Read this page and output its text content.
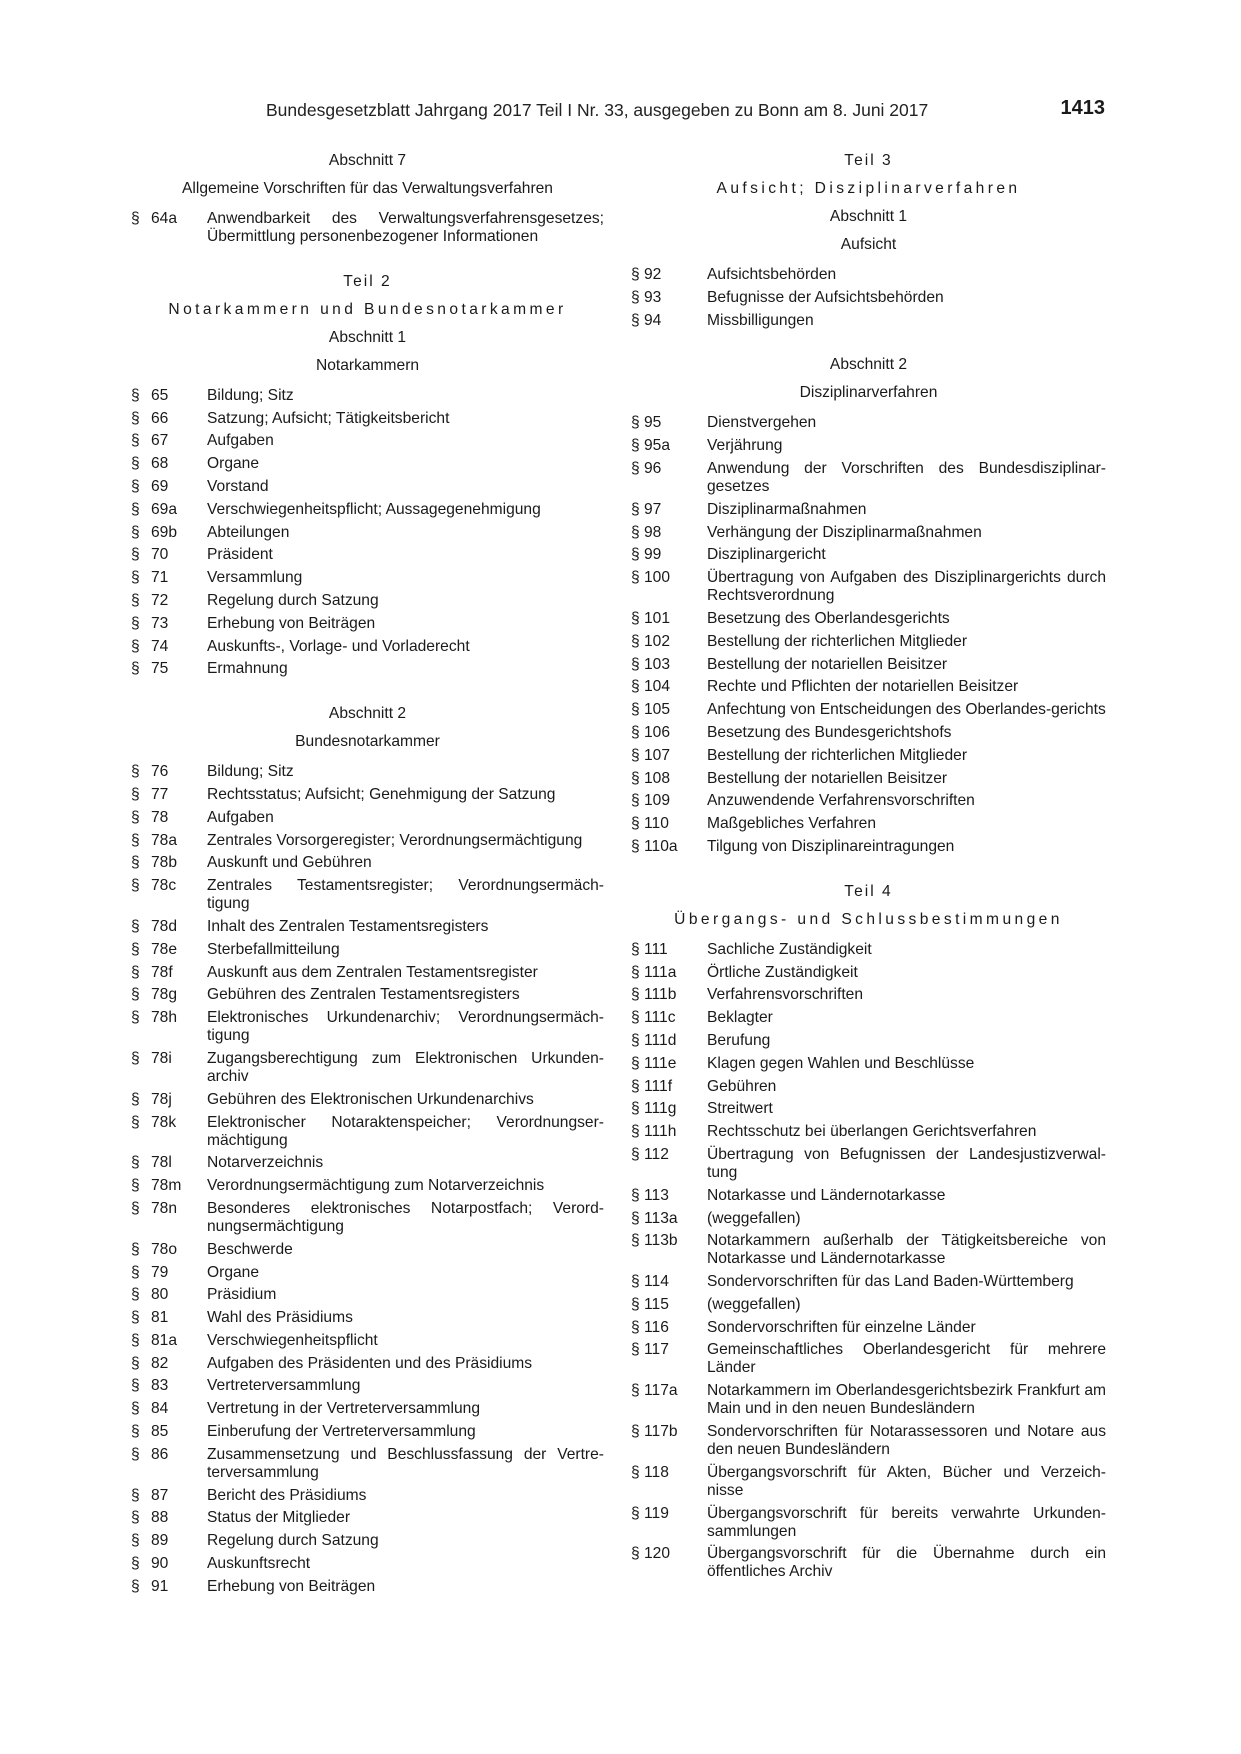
Bundesgesetzblatt Jahrgang 2017 Teil I Nr. 33, ausgegeben zu Bonn am 8. Juni 2017	1413
Abschnitt 7
Allgemeine Vorschriften für das Verwaltungsverfahren
§ 64a	Anwendbarkeit des Verwaltungsverfahrensgesetzes; Übermittlung personenbezogener Informationen
Teil 2
Notarkammern und Bundesnotarkammer
Abschnitt 1
Notarkammern
§ 65	Bildung; Sitz
§ 66	Satzung; Aufsicht; Tätigkeitsbericht
§ 67	Aufgaben
§ 68	Organe
§ 69	Vorstand
§ 69a	Verschwiegenheitspflicht; Aussagegenehmigung
§ 69b	Abteilungen
§ 70	Präsident
§ 71	Versammlung
§ 72	Regelung durch Satzung
§ 73	Erhebung von Beiträgen
§ 74	Auskunfts-, Vorlage- und Vorladerecht
§ 75	Ermahnung
Abschnitt 2
Bundesnotarkammer
§ 76	Bildung; Sitz
§ 77	Rechtsstatus; Aufsicht; Genehmigung der Satzung
§ 78	Aufgaben
§ 78a	Zentrales Vorsorgeregister; Verordnungsermächtigung
§ 78b	Auskunft und Gebühren
§ 78c	Zentrales Testamentsregister; Verordnungsermäch-tigung
§ 78d	Inhalt des Zentralen Testamentsregisters
§ 78e	Sterbefallmitteilung
§ 78f	Auskunft aus dem Zentralen Testamentsregister
§ 78g	Gebühren des Zentralen Testamentsregisters
§ 78h	Elektronisches Urkundenarchiv; Verordnungsermäch-tigung
§ 78i	Zugangsberechtigung zum Elektronischen Urkunden-archiv
§ 78j	Gebühren des Elektronischen Urkundenarchivs
§ 78k	Elektronischer Notaraktenspeicher; Verordnungser-mächtigung
§ 78l	Notarverzeichnis
§ 78m	Verordnungsermächtigung zum Notarverzeichnis
§ 78n	Besonderes elektronisches Notarpostfach; Verord-nungsermächtigung
§ 78o	Beschwerde
§ 79	Organe
§ 80	Präsidium
§ 81	Wahl des Präsidiums
§ 81a	Verschwiegenheitspflicht
§ 82	Aufgaben des Präsidenten und des Präsidiums
§ 83	Vertreterversammlung
§ 84	Vertretung in der Vertreterversammlung
§ 85	Einberufung der Vertreterversammlung
§ 86	Zusammensetzung und Beschlussfassung der Vertre-terversammlung
§ 87	Bericht des Präsidiums
§ 88	Status der Mitglieder
§ 89	Regelung durch Satzung
§ 90	Auskunftsrecht
§ 91	Erhebung von Beiträgen
Teil 3
Aufsicht; Disziplinarverfahren
Abschnitt 1
Aufsicht
§ 92	Aufsichtsbehörden
§ 93	Befugnisse der Aufsichtsbehörden
§ 94	Missbilligungen
Abschnitt 2
Disziplinarverfahren
§ 95	Dienstvergehen
§ 95a	Verjährung
§ 96	Anwendung der Vorschriften des Bundesdisziplinar-gesetzes
§ 97	Disziplinarmaßnahmen
§ 98	Verhängung der Disziplinarmaßnahmen
§ 99	Disziplinargericht
§ 100	Übertragung von Aufgaben des Disziplinargerichts durch Rechtsverordnung
§ 101	Besetzung des Oberlandesgerichts
§ 102	Bestellung der richterlichen Mitglieder
§ 103	Bestellung der notariellen Beisitzer
§ 104	Rechte und Pflichten der notariellen Beisitzer
§ 105	Anfechtung von Entscheidungen des Oberlandes-gerichts
§ 106	Besetzung des Bundesgerichtshofs
§ 107	Bestellung der richterlichen Mitglieder
§ 108	Bestellung der notariellen Beisitzer
§ 109	Anzuwendende Verfahrensvorschriften
§ 110	Maßgebliches Verfahren
§ 110a	Tilgung von Disziplinareintragungen
Teil 4
Übergangs- und Schlussbestimmungen
§ 111	Sachliche Zuständigkeit
§ 111a	Örtliche Zuständigkeit
§ 111b	Verfahrensvorschriften
§ 111c	Beklagter
§ 111d	Berufung
§ 111e	Klagen gegen Wahlen und Beschlüsse
§ 111f	Gebühren
§ 111g	Streitwert
§ 111h	Rechtsschutz bei überlangen Gerichtsverfahren
§ 112	Übertragung von Befugnissen der Landesjustizverwal-tung
§ 113	Notarkasse und Ländernotarkasse
§ 113a	(weggefallen)
§ 113b	Notarkammern außerhalb der Tätigkeitsbereiche von Notarkasse und Ländernotarkasse
§ 114	Sondervorschriften für das Land Baden-Württemberg
§ 115	(weggefallen)
§ 116	Sondervorschriften für einzelne Länder
§ 117	Gemeinschaftliches Oberlandesgericht für mehrere Länder
§ 117a	Notarkammern im Oberlandesgerichtsbezirk Frankfurt am Main und in den neuen Bundesländern
§ 117b	Sondervorschriften für Notarassessoren und Notare aus den neuen Bundesländern
§ 118	Übergangsvorschrift für Akten, Bücher und Verzeich-nisse
§ 119	Übergangsvorschrift für bereits verwahrte Urkunden-sammlungen
§ 120	Übergangsvorschrift für die Übernahme durch ein öffentliches Archiv
